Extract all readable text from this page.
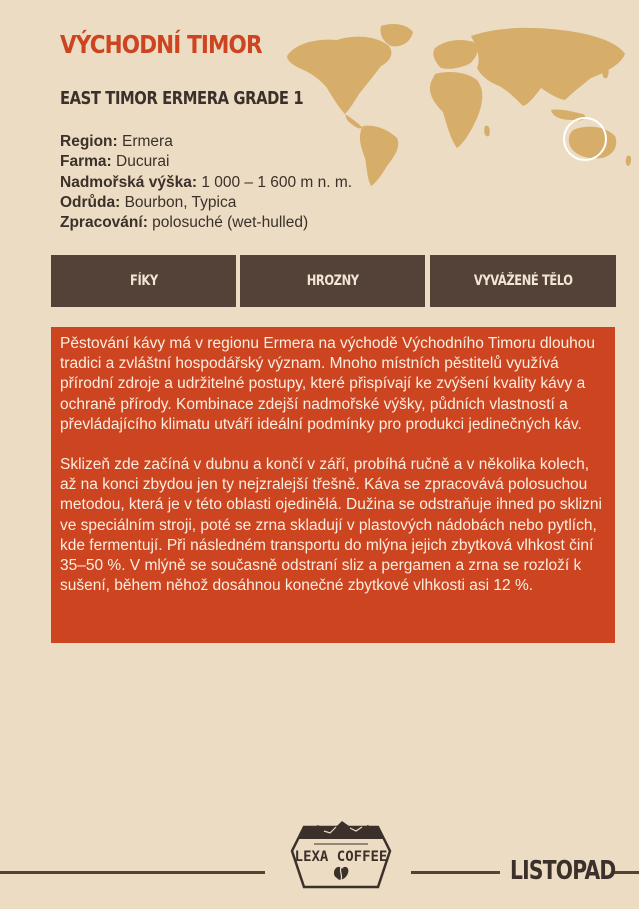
VÝCHODNÍ TIMOR
EAST TIMOR ERMERA GRADE 1
Region: Ermera
Farma: Ducurai
Nadmořská výška: 1 000 – 1 600 m n. m.
Odrůda: Bourbon, Typica
Zpracování: polosuché (wet-hulled)
FÍKY	HROZNY	VYVÁŽENÉ TĚLO

Pěstování kávy má v regionu Ermera na východě Východního Timoru dlouhou tradici a zvláštní hospodářský význam. Mnoho místních pěstitelů využívá přírodní zdroje a udržitelné postupy, které přispívají ke zvýšení kvality kávy a ochraně přírody. Kombinace zdejší nadmořské výšky, půdních vlastností a převládajícího klimatu utváří ideální podmínky pro produkci jedinečných káv.

Sklizeň zde začíná v dubnu a končí v září, probíhá ručně a v několika kolech, až na konci zbydou jen ty nejzralejší třešně. Káva se zpracovává polosuchou metodou, která je v této oblasti ojedinělá. Dužina se odstraňuje ihned po sklizni ve speciálním stroji, poté se zrna skladují v plastových nádobách nebo pytlích, kde fermentují. Při následném transportu do mlýna jejich zbytková vlhkost činí 35–50 %. V mlýně se současně odstraní sliz a pergamen a zrna se rozloží k sušení, během něhož dosáhnou konečné zbytkové vlhkosti asi 12 %.

LEXA COFFEE	LISTOPAD
